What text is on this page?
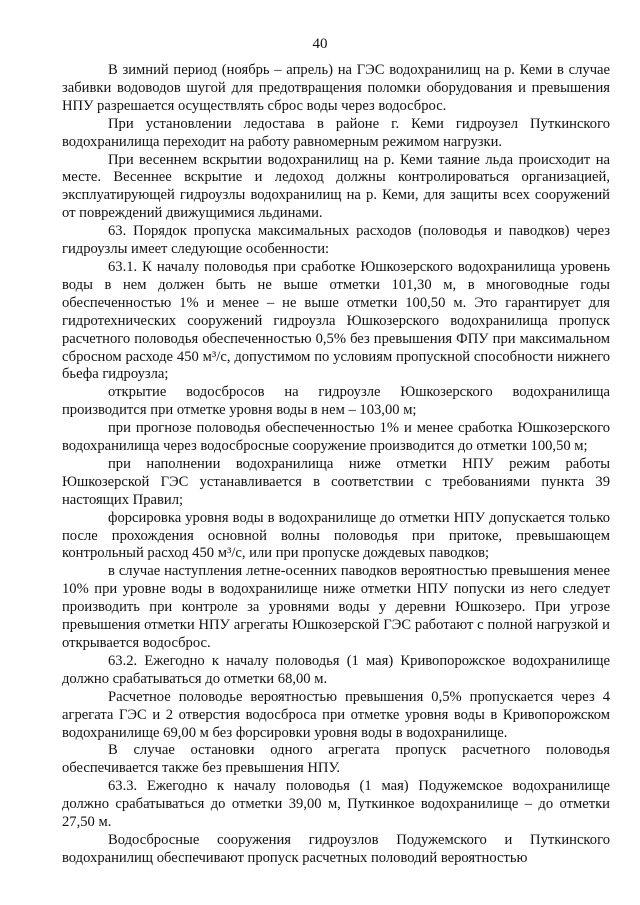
40

В зимний период (ноябрь – апрель) на ГЭС водохранилищ на р. Кеми в случае забивки водоводов шугой для предотвращения поломки оборудования и превышения НПУ разрешается осуществлять сброс воды через водосброс.

При установлении ледостава в районе г. Кеми гидроузел Путкинского водохранилища переходит на работу равномерным режимом нагрузки.

При весеннем вскрытии водохранилищ на р. Кеми таяние льда происходит на месте. Весеннее вскрытие и ледоход должны контролироваться организацией, эксплуатирующей гидроузлы водохранилищ на р. Кеми, для защиты всех сооружений от повреждений движущимися льдинами.

63. Порядок пропуска максимальных расходов (половодья и паводков) через гидроузлы имеет следующие особенности:

63.1. К началу половодья при сработке Юшкозерского водохранилища уровень воды в нем должен быть не выше отметки 101,30 м, в многоводные годы обеспеченностью 1% и менее – не выше отметки 100,50 м. Это гарантирует для гидротехнических сооружений гидроузла Юшкозерского водохранилища пропуск расчетного половодья обеспеченностью 0,5% без превышения ФПУ при максимальном сбросном расходе 450 м³/с, допустимом по условиям пропускной способности нижнего бьефа гидроузла;

открытие водосбросов на гидроузле Юшкозерского водохранилища производится при отметке уровня воды в нем – 103,00 м;

при прогнозе половодья обеспеченностью 1% и менее сработка Юшкозерского водохранилища через водосбросные сооружение производится до отметки 100,50 м;

при наполнении водохранилища ниже отметки НПУ режим работы Юшкозерской ГЭС устанавливается в соответствии с требованиями пункта 39 настоящих Правил;

форсировка уровня воды в водохранилище до отметки НПУ допускается только после прохождения основной волны половодья при притоке, превышающем контрольный расход 450 м³/с, или при пропуске дождевых паводков;

в случае наступления летне-осенних паводков вероятностью превышения менее 10% при уровне воды в водохранилище ниже отметки НПУ попуски из него следует производить при контроле за уровнями воды у деревни Юшкозеро. При угрозе превышения отметки НПУ агрегаты Юшкозерской ГЭС работают с полной нагрузкой и открывается водосброс.

63.2. Ежегодно к началу половодья (1 мая) Кривопорожское водохранилище должно срабатываться до отметки 68,00 м.

Расчетное половодье вероятностью превышения 0,5% пропускается через 4 агрегата ГЭС и 2 отверстия водосброса при отметке уровня воды в Кривопорожском водохранилище 69,00 м без форсировки уровня воды в водохранилище.

В случае остановки одного агрегата пропуск расчетного половодья обеспечивается также без превышения НПУ.

63.3. Ежегодно к началу половодья (1 мая) Подужемское водохранилище должно срабатываться до отметки 39,00 м, Путкинкое водохранилище – до отметки 27,50 м.

Водосбросные сооружения гидроузлов Подужемского и Путкинского водохранилищ обеспечивают пропуск расчетных половодий вероятностью
